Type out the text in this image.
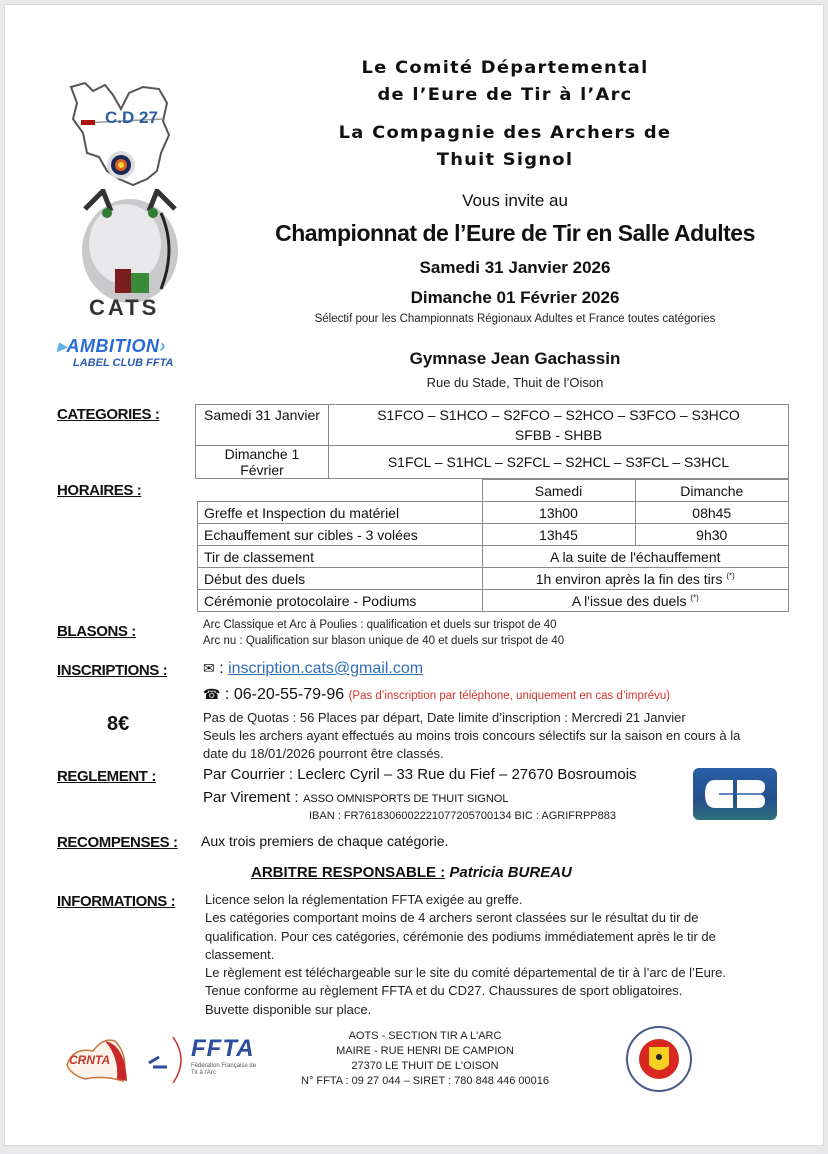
C.D 27
CATS
▸AMBITION›
LABEL CLUB FFTA
Le Comité Départemental
de l’Eure de Tir à l’Arc
La Compagnie des Archers de
Thuit Signol
Vous invite au
Championnat de l’Eure de Tir en Salle Adultes
Samedi 31 Janvier 2026
Dimanche 01 Février 2026
Sélectif pour les Championnats Régionaux Adultes et France toutes catégories
Gymnase Jean Gachassin
Rue du Stade, Thuit de l’Oison
CATEGORIES :	Samedi 31 Janvier	S1FCO – S1HCO – S2FCO – S2HCO – S3FCO – S3HCO
SFBB - SHBB

Dimanche 1 Février	S1FCL – S1HCL – S2FCL – S2HCL – S3FCL – S3HCL
HORAIRES :
		Samedi	Dimanche
Greffe et Inspection du matériel	13h00	08h45
Echauffement sur cibles - 3 volées	13h45	9h30
Tir de classement	A la suite de l'échauffement	
Début des duels	1h environ après la fin des tirs (*)
Cérémonie protocolaire - Podiums	A l'issue des duels (*)
BLASONS :	Arc Classique et Arc à Poulies : qualification et duels sur trispot de 40
Arc nu : Qualification sur blason unique de 40 et duels sur trispot de 40
INSCRIPTIONS :	✉ : inscription.cats@gmail.com
☎ : 06-20-55-79-96 (Pas d’inscription par téléphone, uniquement en cas d’imprévu)
8€	Pas de Quotas : 56 Places par départ, Date limite d’inscription : Mercredi 21 Janvier
Seuls les archers ayant effectués au moins trois concours sélectifs sur la saison en cours à la
date du 18/01/2026 pourront être classés.
REGLEMENT :	Par Courrier : Leclerc Cyril – 33 Rue du Fief – 27670 Bosroumois
Par Virement : ASSO OMNISPORTS DE THUIT SIGNOL
IBAN : FR7618306002221077205700134 BIC : AGRIFRPP883
RECOMPENSES : Aux trois premiers de chaque catégorie.
ARBITRE RESPONSABLE : Patricia BUREAU
INFORMATIONS : Licence selon la réglementation FFTA exigée au greffe.
Les catégories comportant moins de 4 archers seront classées sur le résultat du tir de
qualification. Pour ces catégories, cérémonie des podiums immédiatement après le tir de
classement.
Le règlement est téléchargeable sur le site du comité départemental de tir à l’arc de l’Eure.
Tenue conforme au règlement FFTA et du CD27. Chaussures de sport obligatoires.
Buvette disponible sur place.
CRNTA	FFTA
Fédération Française de Tir à l'Arc
AOTS - SECTION TIR A L'ARC
MAIRE - RUE HENRI DE CAMPION
27370 LE THUIT DE L'OISON
N° FFTA : 09 27 044 – SIRET : 780 848 446 00016
